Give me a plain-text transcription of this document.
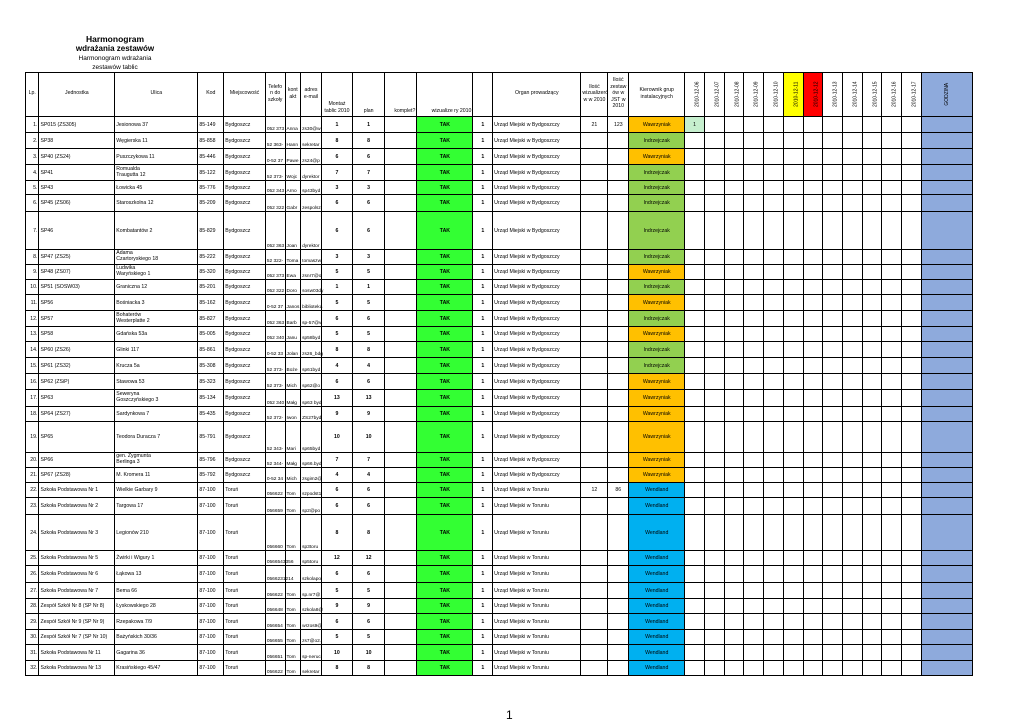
Harmonogram
wdrażania zestawów
Harmonogram wdrażania
zestawów tablic
Lp.	Jednostka	Ulica	Kod	Miejscowość	Telefo n do szkoły	kont akt	adres e-mail	Montaż tablic 2010	plan	komplet?	wizualize ry 2010		Organ prowadzący	Ilość wizualizeró w w 2010	Ilość zestaw ów w JST w 2010	Kierownik grup instalacyjnych	2010-12-06	2010-12-07	2010-12-08	2010-12-09	2010-12-10	2010-12-11	2010-12-12	2010-12-13	2010-12-14	2010-12-15	2010-12-16	2010-12-17	GODZINA
1.	SP015 (ZS305)	Jesionowa 37	85-149	Bydgoszcz	052 373	Anna	zs30@w	1	1		TAK	1	Urząd Miejski w Bydgoszczy	21	123	Wawrzyniak	1												
2.	SP38	Węgierska 11	85-858	Bydgoszcz	52 363-	Hann	sekretar	8	8		TAK	1	Urząd Miejski w Bydgoszczy			Indrzejczak													
3.	SP40 (ZS24)	Puszczykowa 11	85-446	Bydgoszcz	0-52 37	Pawe	zs24@p	6	6		TAK	1	Urząd Miejski w Bydgoszczy			Wawrzyniak													
4.	SP41	Romualda
Traugutta 12	85-122	Bydgoszcz	52 373-	Wojc	dyrektor	7	7		TAK	1	Urząd Miejski w Bydgoszczy			Indrzejczak													
5.	SP43	Łowicka 45	85-776	Bydgoszcz	052 343	Arno	sp43byd	3	3		TAK	1	Urząd Miejski w Bydgoszczy			Indrzejczak													
6.	SP45 (ZS06)	Staroszkolna 12	85-209	Bydgoszcz	052 322	Gabr	zespolsz	6	6		TAK	1	Urząd Miejski w Bydgoszczy			Indrzejczak													
7.	SP46	Kombatantów 2	85-829	Bydgoszcz	052 363	Joan	dyrektor	6	6		TAK	1	Urząd Miejski w Bydgoszczy			Indrzejczak													
8.	SP47 (ZS25)	Adama
Czartoryskiego 18	85-222	Bydgoszcz	52 322-	Toma	tomaszw	3	3		TAK	1	Urząd Miejski w Bydgoszczy			Indrzejczak													
9.	SP48 (ZS07)	Ludwika
Waryńskiego 1	85-320	Bydgoszcz	052 373	Ewa	zsnr7@o	5	5		TAK	1	Urząd Miejski w Bydgoszczy			Wawrzyniak													
10.	SP51 (SOSW03)	Graniczna 12	85-201	Bydgoszcz	052 322	Doro	sosw03dy	1	1		TAK	1	Urząd Miejski w Bydgoszczy			Indrzejczak													
11.	SP56	Bośniacka 3	85-162	Bydgoszcz	0-52 37	Janos	biblioteka	5	5		TAK	1	Urząd Miejski w Bydgoszczy			Wawrzyniak													
12.	SP57	Bohaterów
Westerplatte 2	85-827	Bydgoszcz	052 363	Barb	sp-57@v	6	6		TAK	1	Urząd Miejski w Bydgoszczy			Indrzejczak													
13.	SP58	Gdańska 53a	85-005	Bydgoszcz	052 340	Janu	sp58byd	5	5		TAK	1	Urząd Miejski w Bydgoszczy			Wawrzyniak													
14.	SP60 (ZS26)	Glinki 117	85-861	Bydgoszcz	0-52 33	Jolan	zs26_bdg	8	8		TAK	1	Urząd Miejski w Bydgoszczy			Indrzejczak													
15.	SP61 (ZS32)	Krucza 5a	85-308	Bydgoszcz	52 373-	Boże	sp61byd	4	4		TAK	1	Urząd Miejski w Bydgoszczy			Indrzejczak													
16.	SP62 (ZSiP)	Stawowa 53	85-323	Bydgoszcz	52 373-	Mich	sp62@o	6	6		TAK	1	Urząd Miejski w Bydgoszczy			Wawrzyniak													
17.	SP63	Seweryna
Goszczyńskiego 3	85-134	Bydgoszcz	052 340	Małg	sp63 byd	13	13		TAK	1	Urząd Miejski w Bydgoszczy			Wawrzyniak													
18.	SP64 (ZS27)	Sardynkowa 7	85-435	Bydgoszcz	52 372-	Iwon	ZS27byd	9	9		TAK	1	Urząd Miejski w Bydgoszczy			Wawrzyniak													
19.	SP65	Teodora Duracza 7	85-791	Bydgoszcz	52 343-	Mari	sp65byd	10	10		TAK	1	Urząd Miejski w Bydgoszczy			Wawrzyniak													
20.	SP66	gen. Zygmunta
Berlinga 3	85-796	Bydgoszcz	52 344-	Małg	sp66.byd	7	7		TAK	1	Urząd Miejski w Bydgoszczy			Wawrzyniak													
21.	SP67 (ZS28)	M. Kromera 11	85-792	Bydgoszcz	0-52 34	Mich	zsgim2@	4	4		TAK	1	Urząd Miejski w Bydgoszczy			Wawrzyniak													
22.	Szkoła Podstawowa Nr 1	Wielkie Garbary 9	87-100	Toruń	056622	Tom	szpodst1	6	6		TAK	1	Urząd Miejski w Toruniu	12	86	Wendland													
23.	Szkoła Podstawowa Nr 2	Targowa 17	87-100	Toruń	056659	Tom	sp2@po	6	6		TAK	1	Urząd Miejski w Toruniu			Wendland													
24.	Szkoła Podstawowa Nr 3	Legionów 210	87-100	Toruń	056660	Tom	sp3toru	8	8		TAK	1	Urząd Miejski w Toruniu			Wendland													
25.	Szkoła Podstawowa Nr 5	Żwirki i Wigury 1	87-100	Toruń	0566543356		sp5toru	12	12		TAK	1	Urząd Miejski w Toruniu			Wendland													
26.	Szkoła Podstawowa Nr 6	Łąkowa 13	87-100	Toruń	0566231214		szkolapo	6	6		TAK	1	Urząd Miejski w Toruniu			Wendland													
27.	Szkoła Podstawowa Nr 7	Bema 66	87-100	Toruń	056622	Tom	sp.nr7@	5	5		TAK	1	Urząd Miejski w Toruniu			Wendland													
28.	Zespół Szkół Nr 8 (SP Nr 8)	Łyskowskiego 28	87-100	Toruń	056648	Tom	szkola8@	9	9		TAK	1	Urząd Miejski w Toruniu			Wendland													
29.	Zespół Szkół Nr 9 (SP Nr 9)	Rzepakowa 7/9	87-100	Toruń	056654	Tom	wrzos9@	6	6		TAK	1	Urząd Miejski w Toruniu			Wendland													
30.	Zespół Szkół Nr 7 (SP Nr 10)	Bażyńskich 30/36	87-100	Toruń	056655	Tom	zs7@o2.	5	5		TAK	1	Urząd Miejski w Toruniu			Wendland													
31.	Szkoła Podstawowa Nr 11	Gagarina 36	87-100	Toruń	056651	Tom	sp-neruc	10	10		TAK	1	Urząd Miejski w Toruniu			Wendland													
32.	Szkoła Podstawowa Nr 13	Krasińskiego 45/47	87-100	Toruń	056622	Tom	sekretar	8	8		TAK	1	Urząd Miejski w Toruniu			Wendland													
1
